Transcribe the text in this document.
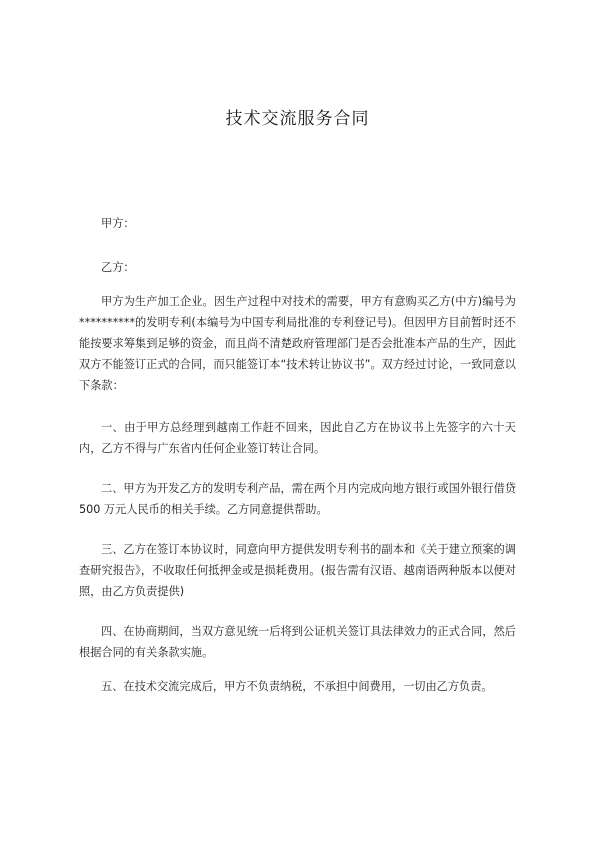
技术交流服务合同

甲方：

乙方：

甲方为生产加工企业。因生产过程中对技术的需要，甲方有意购买乙方(中方)编号为**********的发明专利(本编号为中国专利局批准的专利登记号)。但因甲方目前暂时还不能按要求筹集到足够的资金，而且尚不清楚政府管理部门是否会批准本产品的生产，因此双方不能签订正式的合同，而只能签订本“技术转让协议书”。双方经过讨论，一致同意以下条款：

一、由于甲方总经理到越南工作赶不回来，因此自乙方在协议书上先签字的六十天内，乙方不得与广东省内任何企业签订转让合同。

二、甲方为开发乙方的发明专利产品，需在两个月内完成向地方银行或国外银行借贷 500 万元人民币的相关手续。乙方同意提供帮助。

三、乙方在签订本协议时，同意向甲方提供发明专利书的副本和《关于建立预案的调查研究报告》，不收取任何抵押金或是损耗费用。(报告需有汉语、越南语两种版本以便对照，由乙方负责提供)

四、在协商期间，当双方意见统一后将到公证机关签订具法律效力的正式合同，然后根据合同的有关条款实施。

五、在技术交流完成后，甲方不负责纳税，不承担中间费用，一切由乙方负责。
